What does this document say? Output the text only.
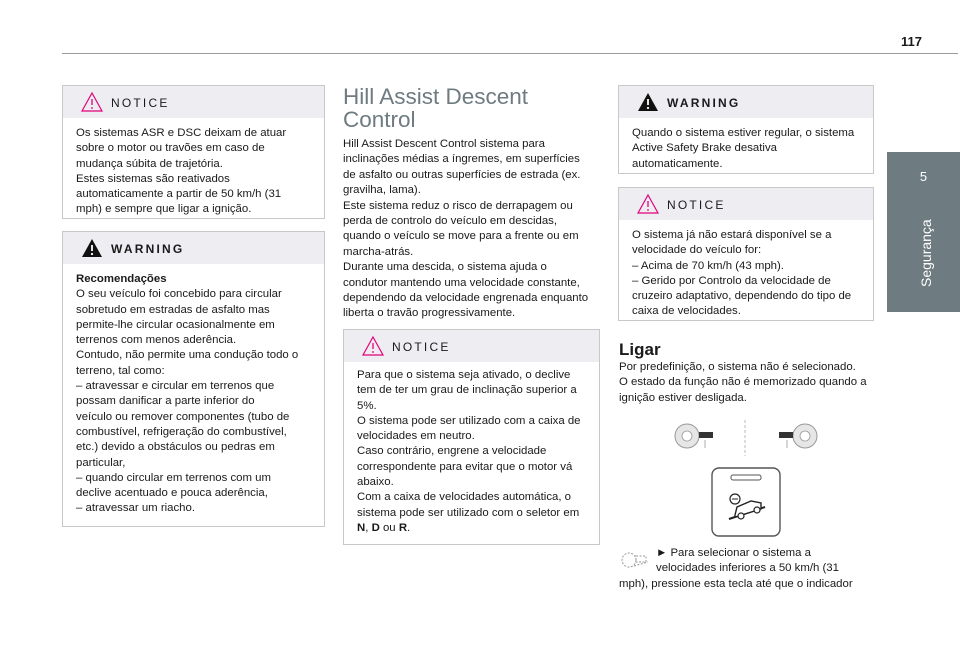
117
5
Segurança
NOTICE

Os sistemas ASR e DSC deixam de atuar

sobre o motor ou travões em caso de

mudança súbita de trajetória.

Estes sistemas são reativados

automaticamente a partir de 50 km/h (31

mph) e sempre que ligar a ignição.

WARNING

Recomendações

O seu veículo foi concebido para circular

sobretudo em estradas de asfalto mas

permite-lhe circular ocasionalmente em

terrenos com menos aderência.

Contudo, não permite uma condução todo o

terreno, tal como:

– atravessar e circular em terrenos que

possam danificar a parte inferior do

veículo ou remover componentes (tubo de

combustível, refrigeração do combustível,

etc.) devido a obstáculos ou pedras em

particular,

– quando circular em terrenos com um

declive acentuado e pouca aderência,

– atravessar um riacho.

Hill Assist Descent
Control

Hill Assist Descent Control sistema para

inclinações médias a íngremes, em superfícies

de asfalto ou outras superfícies de estrada (ex.

gravilha, lama).

Este sistema reduz o risco de derrapagem ou

perda de controlo do veículo em descidas,

quando o veículo se move para a frente ou em

marcha-atrás.

Durante uma descida, o sistema ajuda o

condutor mantendo uma velocidade constante,

dependendo da velocidade engrenada enquanto

liberta o travão progressivamente.

NOTICE

Para que o sistema seja ativado, o declive

tem de ter um grau de inclinação superior a

5%.

O sistema pode ser utilizado com a caixa de

velocidades em neutro.

Caso contrário, engrene a velocidade

correspondente para evitar que o motor vá

abaixo.

Com a caixa de velocidades automática, o

sistema pode ser utilizado com o seletor em

N, D ou R.

WARNING

Quando o sistema estiver regular, o sistema

Active Safety Brake desativa

automaticamente.

NOTICE

O sistema já não estará disponível se a

velocidade do veículo for:

– Acima de 70 km/h (43 mph).

– Gerido por Controlo da velocidade de

cruzeiro adaptativo, dependendo do tipo de

caixa de velocidades.

Ligar

Por predefinição, o sistema não é selecionado.

O estado da função não é memorizado quando a

ignição estiver desligada.

► Para selecionar o sistema a

velocidades inferiores a 50 km/h (31

mph), pressione esta tecla até que o indicador
